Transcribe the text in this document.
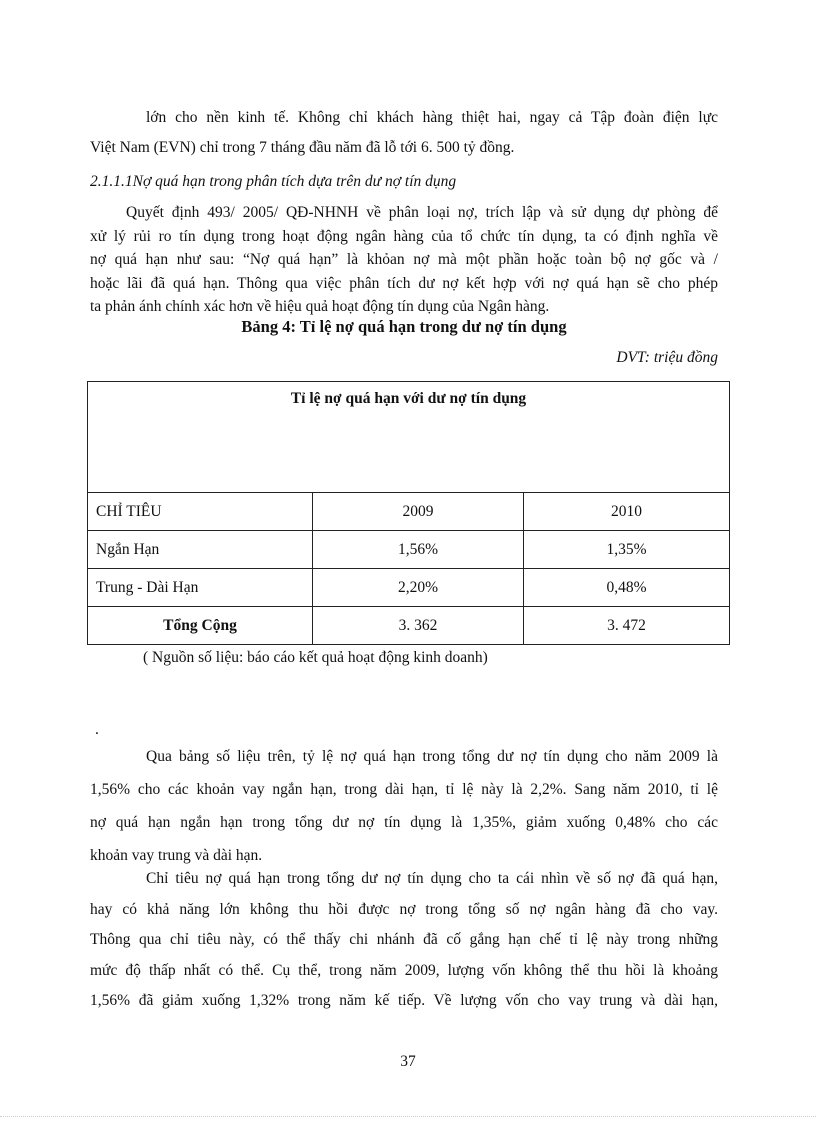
lớn cho nền kinh tế. Không chỉ khách hàng thiệt hai, ngay cả Tập đoàn điện lực
Việt Nam (EVN) chỉ trong 7 tháng đầu năm đã lỗ tới 6. 500 tỷ đồng.
2.1.1.1Nợ quá hạn trong phân tích dựa trên dư nợ tín dụng
Quyết định 493/ 2005/ QĐ-NHNH về phân loại nợ, trích lập và sử dụng dự phòng để
xử lý rủi ro tín dụng trong hoạt động ngân hàng của tổ chức tín dụng, ta có định nghĩa về
nợ quá hạn như sau: “Nợ quá hạn” là khỏan nợ mà một phần hoặc toàn bộ nợ gốc và /
hoặc lãi đã quá hạn. Thông qua việc phân tích dư nợ kết hợp với nợ quá hạn sẽ cho phép
ta phản ánh chính xác hơn về hiệu quả hoạt động tín dụng của Ngân hàng.
Bảng 4: Tỉ lệ nợ quá hạn trong dư nợ tín dụng
DVT: triệu đồng
Tỉ lệ nợ quá hạn với dư nợ tín dụng		
CHỈ TIÊU	2009	2010
Ngắn Hạn	1,56%	1,35%
Trung - Dài Hạn	2,20%	0,48%
Tổng Cộng	3. 362	3. 472
( Nguồn số liệu: báo cáo kết quả hoạt động kinh doanh)
.
Qua bảng số liệu trên, tỷ lệ nợ quá hạn trong tổng dư nợ tín dụng cho năm 2009 là
1,56% cho các khoản vay ngắn hạn, trong dài hạn, tỉ lệ này là 2,2%. Sang năm 2010, tỉ lệ
nợ quá hạn ngắn hạn trong tổng dư nợ tín dụng là 1,35%, giảm xuống 0,48% cho các
khoản vay trung và dài hạn.
Chỉ tiêu nợ quá hạn trong tổng dư nợ tín dụng cho ta cái nhìn về số nợ đã quá hạn,
hay có khả năng lớn không thu hồi được nợ trong tổng số nợ ngân hàng đã cho vay.
Thông qua chỉ tiêu này, có thể thấy chi nhánh đã cố gắng hạn chế tỉ lệ này trong những
mức độ thấp nhất có thể. Cụ thể, trong năm 2009, lượng vốn không thể thu hồi là khoảng
1,56% đã giảm xuống 1,32% trong năm kế tiếp. Về lượng vốn cho vay trung và dài hạn,
37
